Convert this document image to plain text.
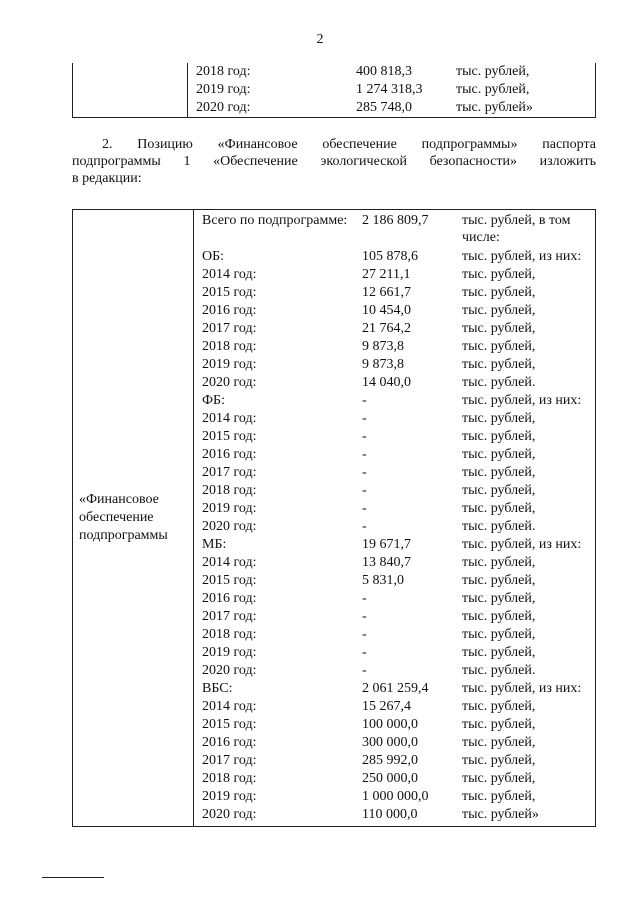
2

2018 год:	400 818,3	тыс. рублей,
2019 год:	1 274 318,3	тыс. рублей,
2020 год:	285 748,0	тыс. рублей»
2. Позицию «Финансовое обеспечение подпрограммы» паспорта
подпрограммы 1 «Обеспечение экологической безопасности» изложить
в редакции:
«Финансовое обеспечение подпрограммы	
Всего по подпрограмме:	2 186 809,7	тыс. рублей, в том числе:
ОБ:	105 878,6	тыс. рублей, из них:
2014 год:	27 211,1	тыс. рублей,
2015 год:	12 661,7	тыс. рублей,
2016 год:	10 454,0	тыс. рублей,
2017 год:	21 764,2	тыс. рублей,
2018 год:	9 873,8	тыс. рублей,
2019 год:	9 873,8	тыс. рублей,
2020 год:	14 040,0	тыс. рублей.
ФБ:	-	тыс. рублей, из них:
2014 год:	-	тыс. рублей,
2015 год:	-	тыс. рублей,
2016 год:	-	тыс. рублей,
2017 год:	-	тыс. рублей,
2018 год:	-	тыс. рублей,
2019 год:	-	тыс. рублей,
2020 год:	-	тыс. рублей.
МБ:	19 671,7	тыс. рублей, из них:
2014 год:	13 840,7	тыс. рублей,
2015 год:	5 831,0	тыс. рублей,
2016 год:	-	тыс. рублей,
2017 год:	-	тыс. рублей,
2018 год:	-	тыс. рублей,
2019 год:	-	тыс. рублей,
2020 год:	-	тыс. рублей.
ВБС:	2 061 259,4	тыс. рублей, из них:
2014 год:	15 267,4	тыс. рублей,
2015 год:	100 000,0	тыс. рублей,
2016 год:	300 000,0	тыс. рублей,
2017 год:	285 992,0	тыс. рублей,
2018 год:	250 000,0	тыс. рублей,
2019 год:	1 000 000,0	тыс. рублей,
2020 год:	110 000,0	тыс. рублей»
